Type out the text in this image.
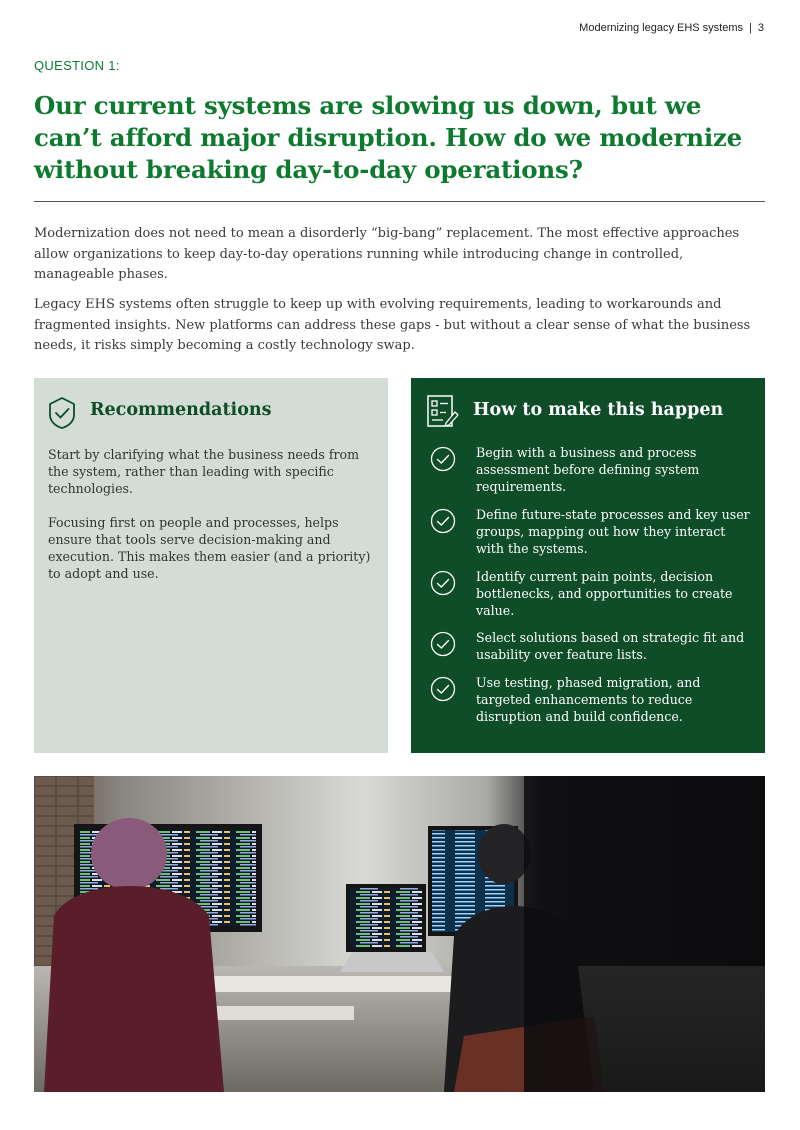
Modernizing legacy EHS systems | 3
QUESTION 1:
Our current systems are slowing us down, but we can’t afford major disruption. How do we modernize without breaking day-to-day operations?

Modernization does not need to mean a disorderly “big-bang” replacement. The most effective approaches allow organizations to keep day-to-day operations running while introducing change in controlled, manageable phases.

Legacy EHS systems often struggle to keep up with evolving requirements, leading to workarounds and fragmented insights. New platforms can address these gaps - but without a clear sense of what the business needs, it risks simply becoming a costly technology swap.

Recommendations

Start by clarifying what the business needs from the system, rather than leading with specific technologies.

Focusing first on people and processes, helps ensure that tools serve decision-making and execution. This makes them easier (and a priority) to adopt and use.

How to make this happen
Begin with a business and process assessment before defining system requirements.
Define future-state processes and key user groups, mapping out how they interact with the systems.
Identify current pain points, decision bottlenecks, and opportunities to create value.
Select solutions based on strategic fit and usability over feature lists.
Use testing, phased migration, and targeted enhancements to reduce disruption and build confidence.
